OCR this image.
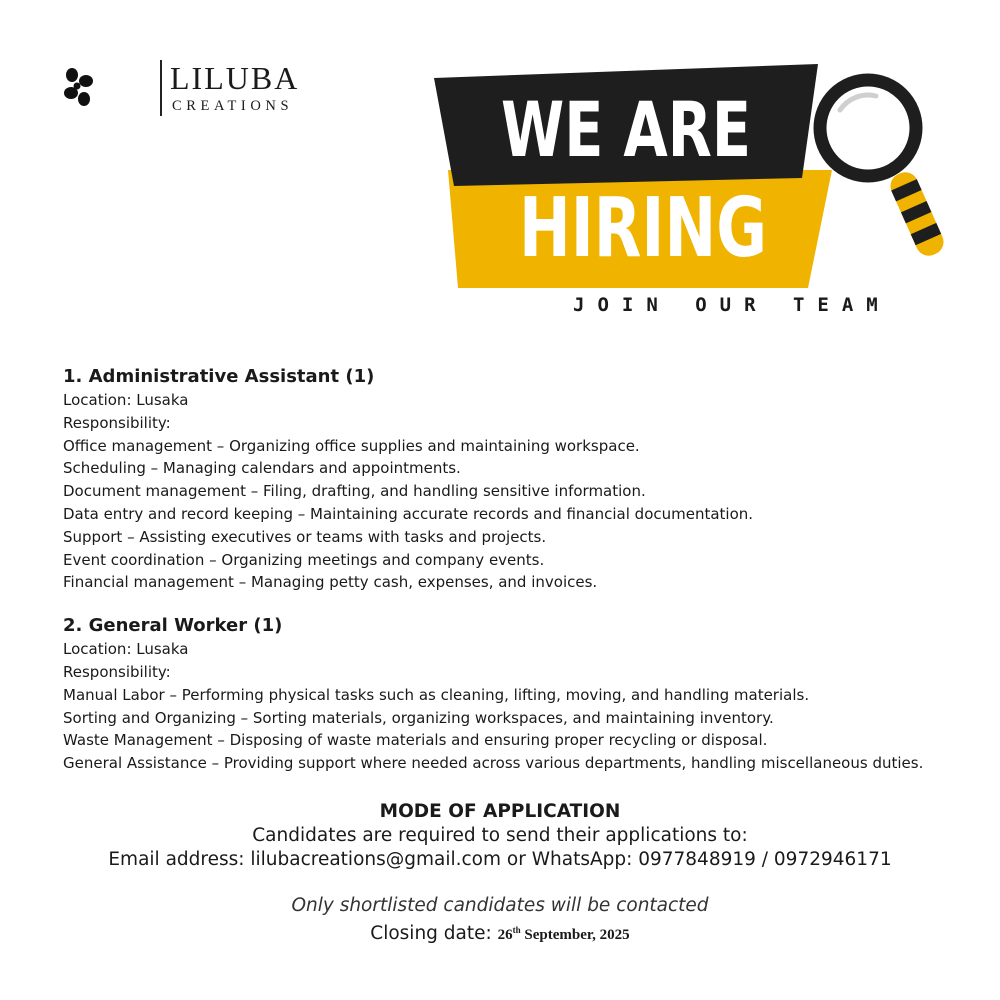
LILUBA
CREATIONS	WE ARE
HIRING
JOIN OUR TEAM
1. Administrative Assistant (1)
Location: Lusaka
Responsibility:
Office management – Organizing office supplies and maintaining workspace.
Scheduling – Managing calendars and appointments.
Document management – Filing, drafting, and handling sensitive information.
Data entry and record keeping – Maintaining accurate records and financial documentation.
Support – Assisting executives or teams with tasks and projects.
Event coordination – Organizing meetings and company events.
Financial management – Managing petty cash, expenses, and invoices.
2. General Worker (1)
Location: Lusaka
Responsibility:
Manual Labor – Performing physical tasks such as cleaning, lifting, moving, and handling materials.
Sorting and Organizing – Sorting materials, organizing workspaces, and maintaining inventory.
Waste Management – Disposing of waste materials and ensuring proper recycling or disposal.
General Assistance – Providing support where needed across various departments, handling miscellaneous duties.
MODE OF APPLICATION
Candidates are required to send their applications to:
Email address: lilubacreations@gmail.com or WhatsApp: 0977848919 / 0972946171
Only shortlisted candidates will be contacted
Closing date: 26th September, 2025
